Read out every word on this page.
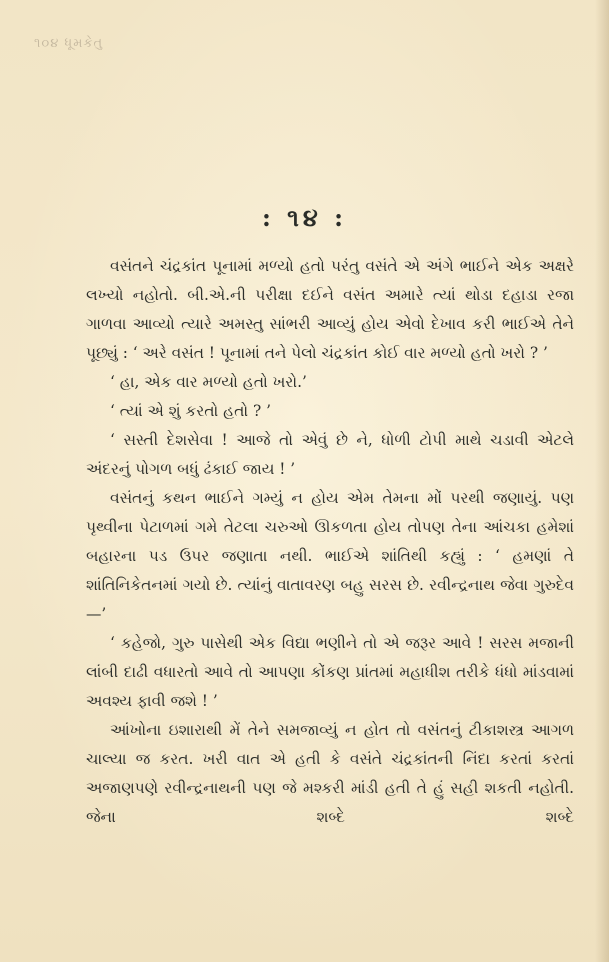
૧૦૪ ધૂમકેતુ
: ૧૪ :

વસંતને ચંદ્રકાંત પૂનામાં મળ્યો હતો પરંતુ વસંતે એ અંગે ભાઈને એક અક્ષરે લખ્યો નહોતો. બી.એ.ની પરીક્ષા દઈને વસંત અમારે ત્યાં થોડા દહાડા રજા ગાળવા આવ્યો ત્યારે અમસ્તુ સાંભરી આવ્યું હોય એવો દેખાવ કરી ભાઈએ તેને પૂછ્યું : ‘ અરે વસંત ! પૂનામાં તને પેલો ચંદ્રકાંત કોઈ વાર મળ્યો હતો ખરો ? ’

‘ હા, એક વાર મળ્યો હતો ખરો.’

‘ ત્યાં એ શું કરતો હતો ? ’

‘ સસ્તી દેશસેવા ! આજે તો એવું છે ને, ધોળી ટોપી માથે ચડાવી એટલે અંદરનું પોગળ બધું ઢંકાઈ જાય ! ’

વસંતનું કથન ભાઈને ગમ્યું ન હોય એમ તેમના મોં પરથી જણાયું. પણ પૃથ્વીના પેટાળમાં ગમે તેટલા ચરુઓ ઊકળતા હોય તોપણ તેના આંચકા હમેશાં બહારના પડ ઉપર જણાતા નથી. ભાઈએ શાંતિથી કહ્યું : ‘ હમણાં તે શાંતિનિકેતનમાં ગયો છે. ત્યાંનું વાતાવરણ બહુ સરસ છે. રવીન્દ્રનાથ જેવા ગુરુદેવ—’

‘ કહેજો, ગુરુ પાસેથી એક વિદ્યા ભણીને તો એ જરૂર આવે ! સરસ મજાની લાંબી દાઢી વધારતો આવે તો આપણા કોંકણ પ્રાંતમાં મહાધીશ તરીકે ધંધો માંડવામાં અવશ્ય ફાવી જશે ! ’

આંખોના ઇશારાથી મેં તેને સમજાવ્યું ન હોત તો વસંતનું ટીકાશસ્ત્ર આગળ ચાલ્યા જ કરત. ખરી વાત એ હતી કે વસંતે ચંદ્રકાંતની નિંદા કરતાં કરતાં અજાણપણે રવીન્દ્રનાથની પણ જે મશ્કરી માંડી હતી તે હું સહી શકતી નહોતી. જેના શબ્દે શબ્દે
